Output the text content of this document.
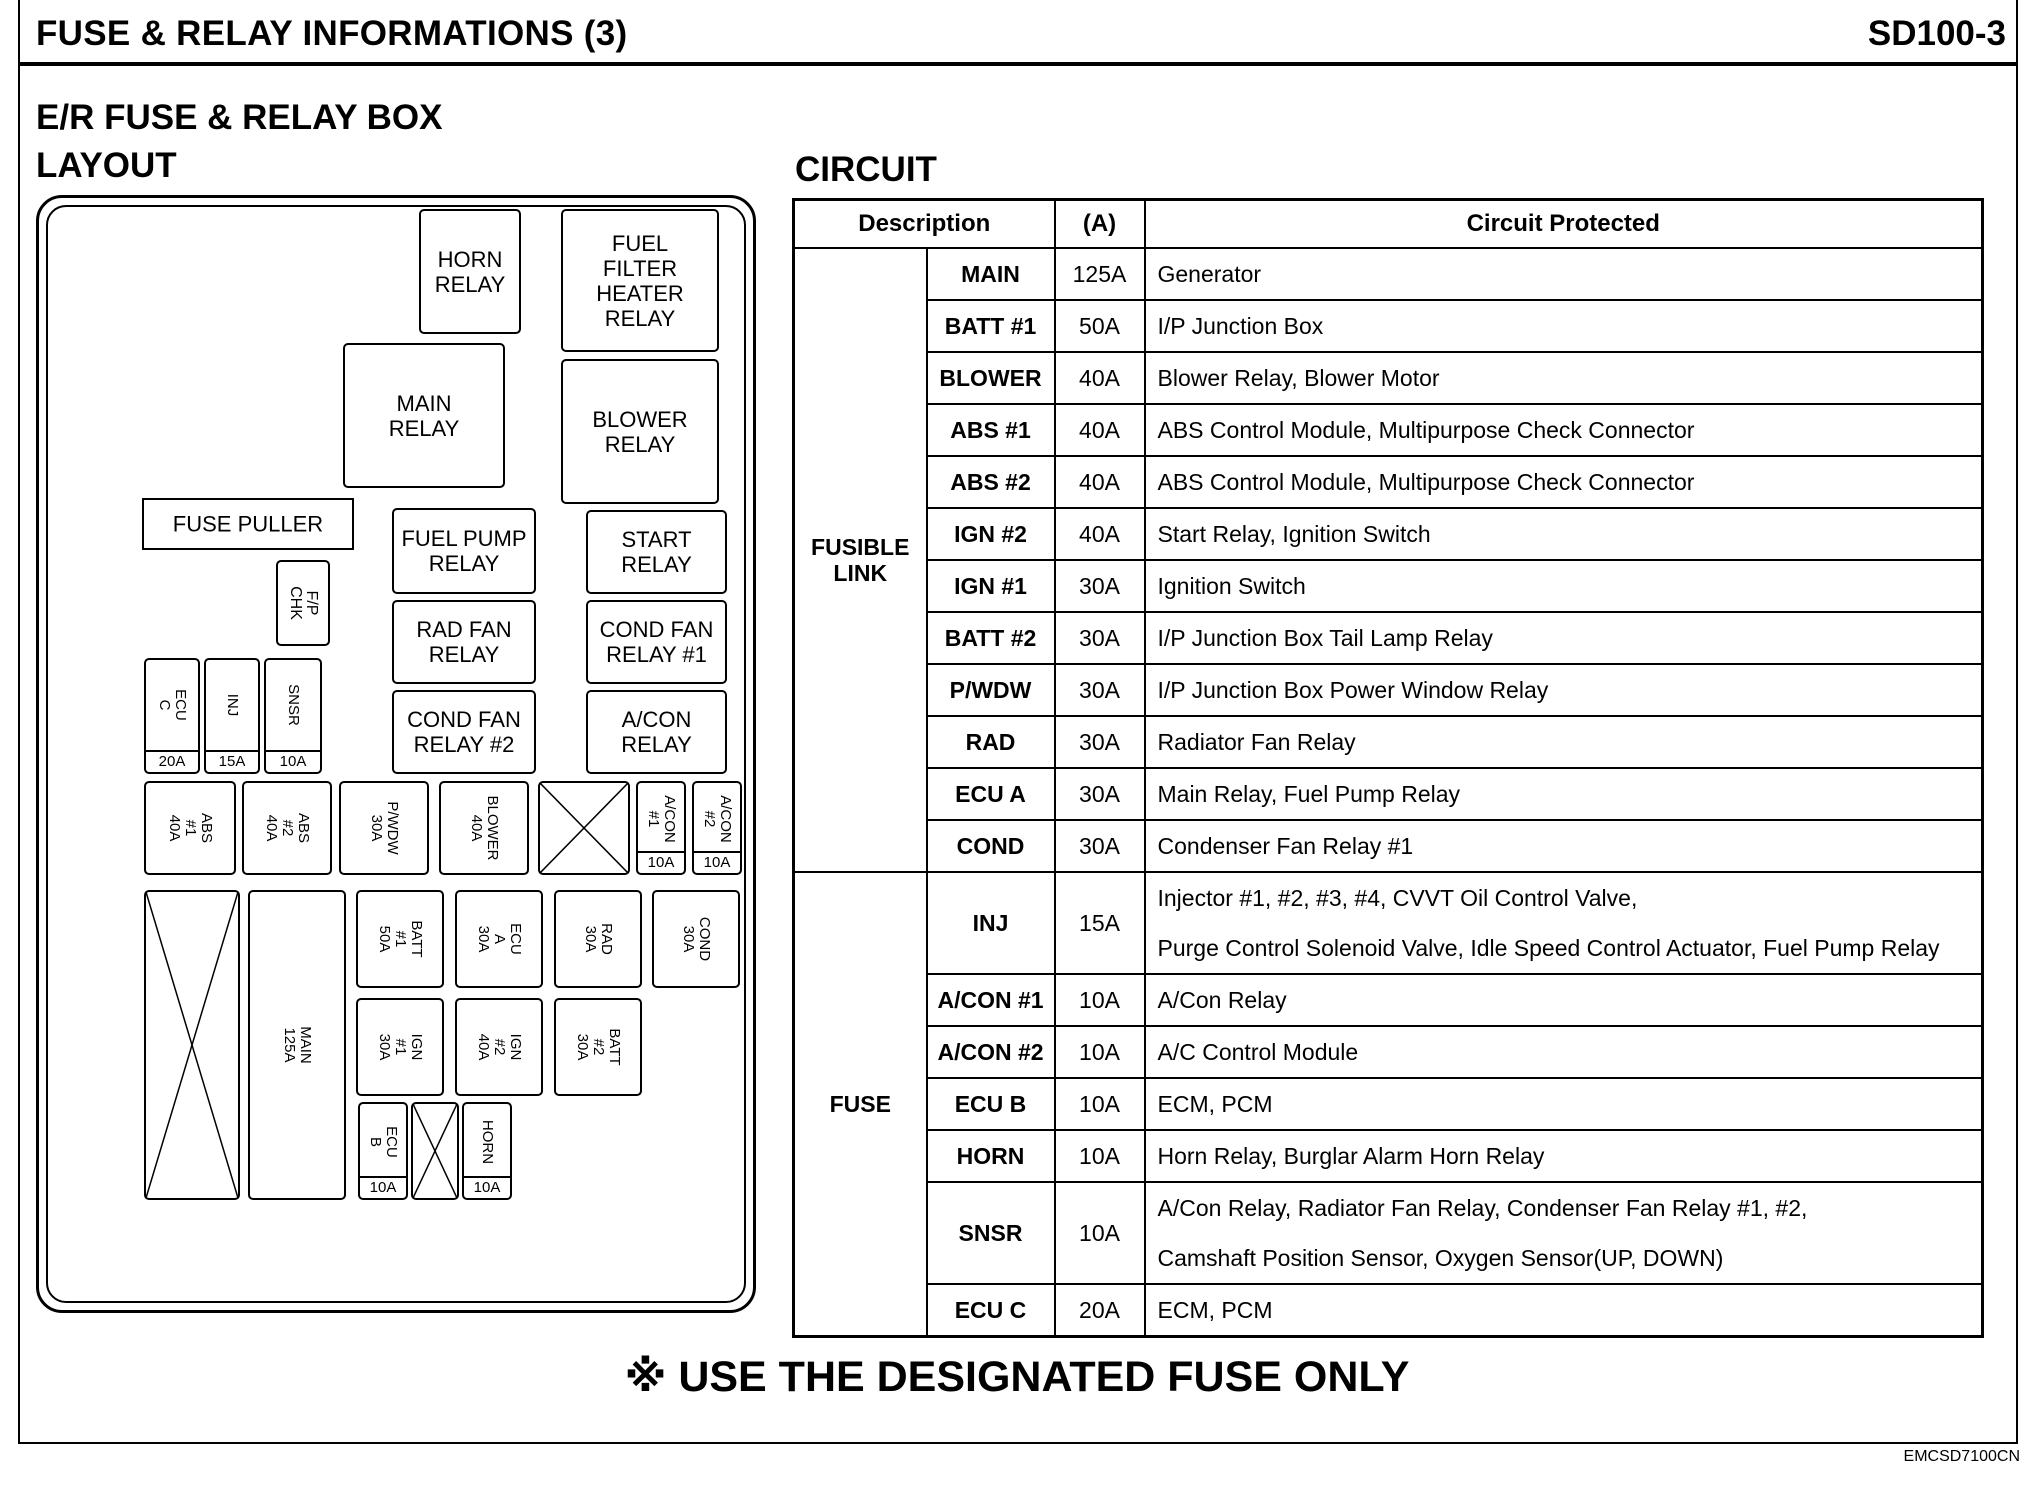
FUSE & RELAY INFORMATIONS (3)	SD100-3
E/R FUSE & RELAY BOX
LAYOUT	CIRCUIT
HORN
RELAY
FUEL
FILTER
HEATER
RELAY
MAIN
RELAY	BLOWER
RELAY
FUSE PULLER
FUEL PUMP
RELAY
START
RELAY
F/P CHK
RAD FAN
RELAY
COND FAN
RELAY #1
COND FAN
RELAY #2
A/CON
RELAY
ECU C
20A
INJ
15A
SNSR
10A
ABS #1
40A	ABS #2
40A	P/WDW
30A	BLOWER
40A	A/CON
#1
10A
A/CON
#2
10A
MAIN
125A
BATT #1
50A	ECU A
30A	RAD
30A	COND
30A
IGN #1
30A	IGN #2
40A	BATT #2
30A
ECU B
10A
HORN
10A
Description		(A)	Circuit Protected
FUSIBLE
LINK	MAIN	125A	Generator
	BATT #1	50A	I/P Junction Box
	BLOWER	40A	Blower Relay, Blower Motor
	ABS #1	40A	ABS Control Module, Multipurpose Check Connector
	ABS #2	40A	ABS Control Module, Multipurpose Check Connector
	IGN #2	40A	Start Relay, Ignition Switch
	IGN #1	30A	Ignition Switch
	BATT #2	30A	I/P Junction Box Tail Lamp Relay
	P/WDW	30A	I/P Junction Box Power Window Relay
	RAD	30A	Radiator Fan Relay
	ECU A	30A	Main Relay, Fuel Pump Relay
	COND	30A	Condenser Fan Relay #1
FUSE	INJ	15A	Injector #1, #2, #3, #4, CVVT Oil Control Valve,
Purge Control Solenoid Valve, Idle Speed Control Actuator, Fuel Pump Relay
	A/CON #1	10A	A/Con Relay
	A/CON #2	10A	A/C Control Module
	ECU B	10A	ECM, PCM
	HORN	10A	Horn Relay, Burglar Alarm Horn Relay
	SNSR	10A	A/Con Relay, Radiator Fan Relay, Condenser Fan Relay #1, #2,
Camshaft Position Sensor, Oxygen Sensor(UP, DOWN)
	ECU C	20A	ECM, PCM
※ USE THE DESIGNATED FUSE ONLY
EMCSD7100CN
